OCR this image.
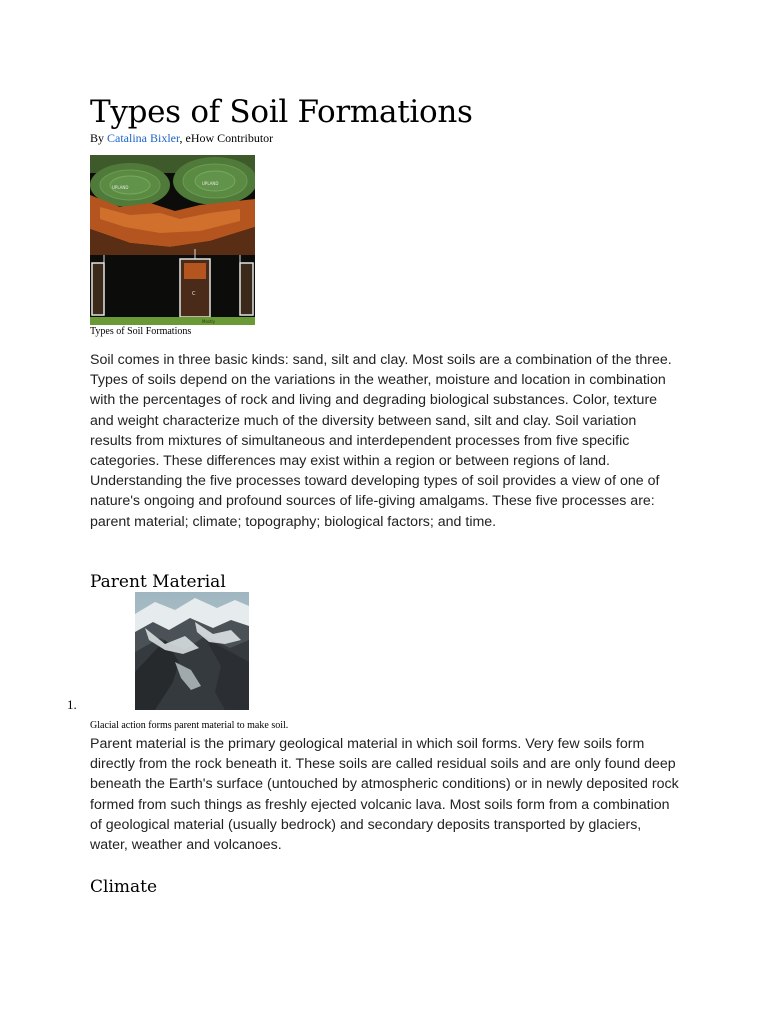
Types of Soil Formations
By Catalina Bixler, eHow Contributor
UPLAND
UPLAND
C
Mostly
Types of Soil Formations

Soil comes in three basic kinds: sand, silt and clay. Most soils are a combination of the three. Types of soils depend on the variations in the weather, moisture and location in combination with the percentages of rock and living and degrading biological substances. Color, texture and weight characterize much of the diversity between sand, silt and clay. Soil variation results from mixtures of simultaneous and interdependent processes from five specific categories. These differences may exist within a region or between regions of land. Understanding the five processes toward developing types of soil provides a view of one of nature's ongoing and profound sources of life-giving amalgams. These five processes are: parent material; climate; topography; biological factors; and time.

Parent Material
1.
Glacial action forms parent material to make soil.

Parent material is the primary geological material in which soil forms. Very few soils form directly from the rock beneath it. These soils are called residual soils and are only found deep beneath the Earth's surface (untouched by atmospheric conditions) or in newly deposited rock formed from such things as freshly ejected volcanic lava. Most soils form from a combination of geological material (usually bedrock) and secondary deposits transported by glaciers, water, weather and volcanoes.

Climate
